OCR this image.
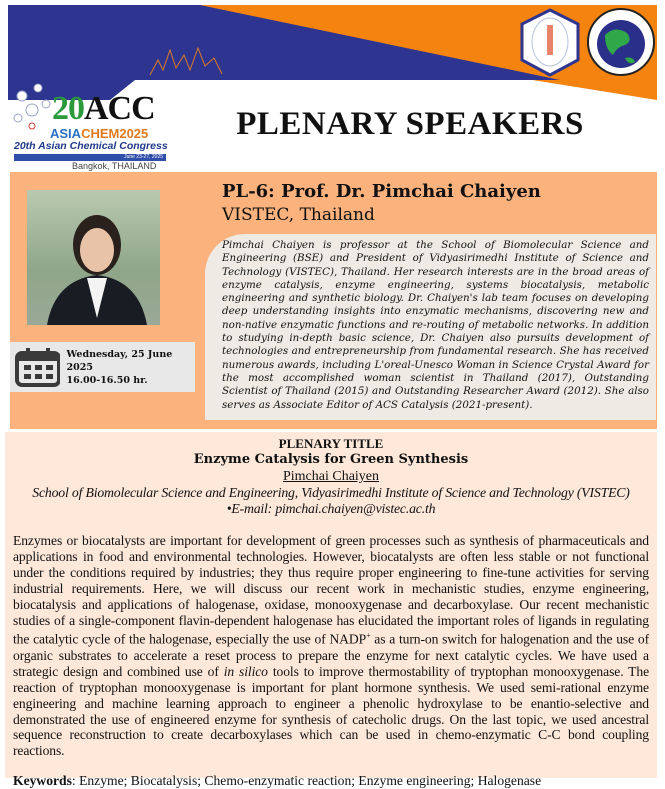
20ACC
ASIACHEM2025
20th Asian Chemical Congress
June 23-27, 2025
Bangkok, THAILAND
PLENARY SPEAKERS
PL-6: Prof. Dr. Pimchai Chaiyen
VISTEC, Thailand
Pimchai Chaiyen is professor at the School of Biomolecular Science and Engineering (BSE) and President of Vidyasirimedhi Institute of Science and Technology (VISTEC), Thailand. Her research interests are in the broad areas of enzyme catalysis, enzyme engineering, systems biocatalysis, metabolic engineering and synthetic biology. Dr. Chaiyen's lab team focuses on developing deep understanding insights into enzymatic mechanisms, discovering new and non-native enzymatic functions and re-routing of metabolic networks. In addition to studying in-depth basic science, Dr. Chaiyen also pursuits development of technologies and entrepreneurship from fundamental research. She has received numerous awards, including L'oreal-Unesco Woman in Science Crystal Award for the most accomplished woman scientist in Thailand (2017), Outstanding Scientist of Thailand (2015) and Outstanding Researcher Award (2012). She also serves as Associate Editor of ACS Catalysis (2021-present).
Wednesday, 25 June 2025
16.00-16.50 hr.
PLENARY TITLE
Enzyme Catalysis for Green Synthesis
Pimchai Chaiyen
School of Biomolecular Science and Engineering, Vidyasirimedhi Institute of Science and Technology (VISTEC)
•E-mail: pimchai.chaiyen@vistec.ac.th
Enzymes or biocatalysts are important for development of green processes such as synthesis of pharmaceuticals and applications in food and environmental technologies. However, biocatalysts are often less stable or not functional under the conditions required by industries; they thus require proper engineering to fine-tune activities for serving industrial requirements. Here, we will discuss our recent work in mechanistic studies, enzyme engineering, biocatalysis and applications of halogenase, oxidase, monooxygenase and decarboxylase. Our recent mechanistic studies of a single-component flavin-dependent halogenase has elucidated the important roles of ligands in regulating the catalytic cycle of the halogenase, especially the use of NADP+ as a turn-on switch for halogenation and the use of organic substrates to accelerate a reset process to prepare the enzyme for next catalytic cycles. We have used a strategic design and combined use of in silico tools to improve thermostability of tryptophan monooxygenase. The reaction of tryptophan monooxygenase is important for plant hormone synthesis. We used semi-rational enzyme engineering and machine learning approach to engineer a phenolic hydroxylase to be enantio-selective and demonstrated the use of engineered enzyme for synthesis of catecholic drugs. On the last topic, we used ancestral sequence reconstruction to create decarboxylases which can be used in chemo-enzymatic C-C bond coupling reactions.
Keywords: Enzyme; Biocatalysis; Chemo-enzymatic reaction; Enzyme engineering; Halogenase
